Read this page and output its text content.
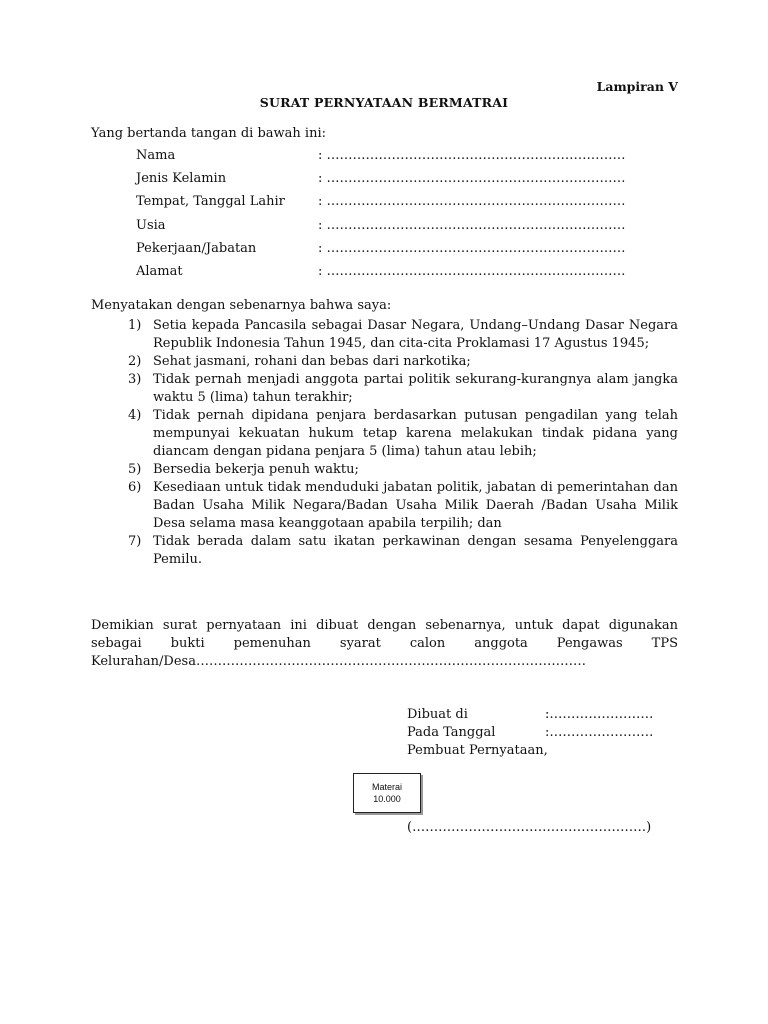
Lampiran V
SURAT PERNYATAAN BERMATRAI
Yang bertanda tangan di bawah ini:
Nama	: ……………………………………………………………
Jenis Kelamin	: ……………………………………………………………
Tempat, Tanggal Lahir	: ……………………………………………………………
Usia	: ……………………………………………………………
Pekerjaan/Jabatan	: ……………………………………………………………
Alamat	: ……………………………………………………………
Menyatakan dengan sebenarnya bahwa saya:
1) Setia kepada Pancasila sebagai Dasar Negara, Undang–Undang Dasar Negara Republik Indonesia Tahun 1945, dan cita-cita Proklamasi 17 Agustus 1945;
2) Sehat jasmani, rohani dan bebas dari narkotika;
3) Tidak pernah menjadi anggota partai politik sekurang-kurangnya alam jangka waktu 5 (lima) tahun terakhir;
4) Tidak pernah dipidana penjara berdasarkan putusan pengadilan yang telah mempunyai kekuatan hukum tetap karena melakukan tindak pidana yang diancam dengan pidana penjara 5 (lima) tahun atau lebih;
5) Bersedia bekerja penuh waktu;
6) Kesediaan untuk tidak menduduki jabatan politik, jabatan di pemerintahan dan Badan Usaha Milik Negara/Badan Usaha Milik Daerah /Badan Usaha Milik Desa selama masa keanggotaan apabila terpilih; dan
7) Tidak berada dalam satu ikatan perkawinan dengan sesama Penyelenggara Pemilu.
Demikian surat pernyataan ini dibuat dengan sebenarnya, untuk dapat digunakan sebagai bukti pemenuhan syarat calon anggota Pengawas TPS Kelurahan/Desa………………………………………………………………………………
Dibuat di	:……………………
Pada Tanggal	:……………………
Pembuat Pernyataan,
Materai
10.000
(………………………………………………)
